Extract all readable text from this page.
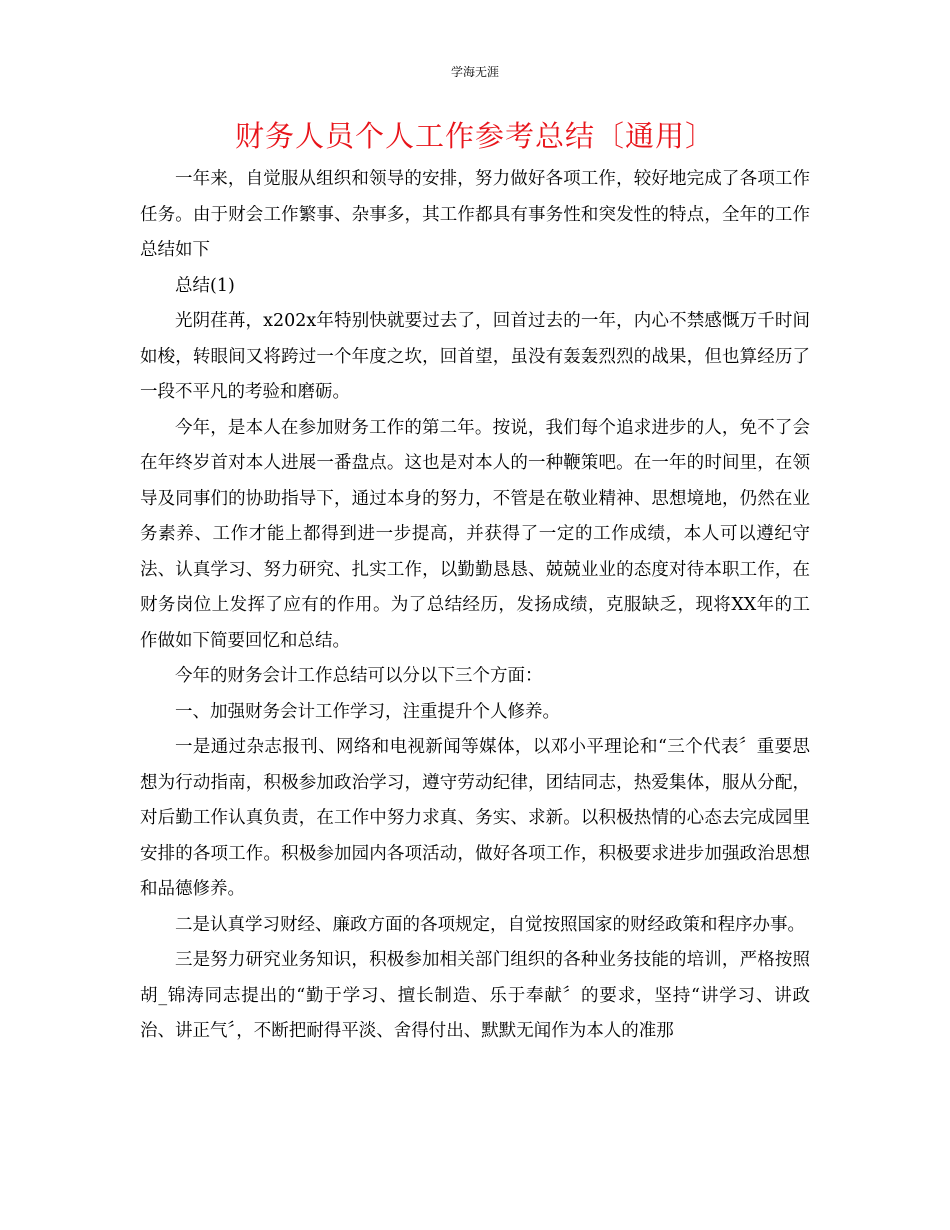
学海无涯
财务人员个人工作参考总结〔通用〕

一年来，自觉服从组织和领导的安排，努力做好各项工作，较好地完成了各项工作任务。由于财会工作繁事、杂事多，其工作都具有事务性和突发性的特点，全年的工作总结如下

总结(1)

光阴荏苒，x202x年特别快就要过去了，回首过去的一年，内心不禁感慨万千时间如梭，转眼间又将跨过一个年度之坎，回首望，虽没有轰轰烈烈的战果，但也算经历了一段不平凡的考验和磨砺。

今年，是本人在参加财务工作的第二年。按说，我们每个追求进步的人，免不了会在年终岁首对本人进展一番盘点。这也是对本人的一种鞭策吧。在一年的时间里，在领导及同事们的协助指导下，通过本身的努力，不管是在敬业精神、思想境地，仍然在业务素养、工作才能上都得到进一步提高，并获得了一定的工作成绩，本人可以遵纪守法、认真学习、努力研究、扎实工作，以勤勤恳恳、兢兢业业的态度对待本职工作，在财务岗位上发挥了应有的作用。为了总结经历，发扬成绩，克服缺乏，现将XX年的工作做如下简要回忆和总结。

今年的财务会计工作总结可以分以下三个方面：

一、加强财务会计工作学习，注重提升个人修养。

一是通过杂志报刊、网络和电视新闻等媒体，以邓小平理论和“三个代表〞重要思想为行动指南，积极参加政治学习，遵守劳动纪律，团结同志，热爱集体，服从分配，对后勤工作认真负责，在工作中努力求真、务实、求新。以积极热情的心态去完成园里安排的各项工作。积极参加园内各项活动，做好各项工作，积极要求进步加强政治思想和品德修养。

二是认真学习财经、廉政方面的各项规定，自觉按照国家的财经政策和程序办事。

三是努力研究业务知识，积极参加相关部门组织的各种业务技能的培训，严格按照胡_锦涛同志提出的“勤于学习、擅长制造、乐于奉献〞的要求，坚持“讲学习、讲政治、讲正气〞，不断把耐得平淡、舍得付出、默默无闻作为本人的准那
